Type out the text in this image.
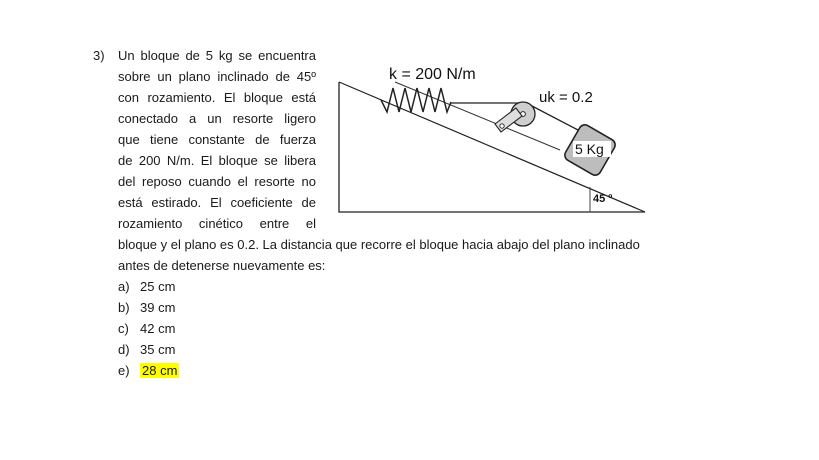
3) Un bloque de 5 kg se encuentra
sobre un plano inclinado de 45º
con rozamiento. El bloque está
conectado a un resorte ligero
que tiene constante de fuerza
de 200 N/m. El bloque se libera
del reposo cuando el resorte no
está estirado. El coeficiente de
rozamiento cinético entre el
bloque y el plano es 0.2. La distancia que recorre el bloque hacia abajo del plano inclinado
antes de detenerse nuevamente es:
a) 25 cm
b) 39 cm
c) 42 cm
d) 35 cm
e) 28 cm
k = 200 N/m
uk = 0.2
5 Kg
45 º
